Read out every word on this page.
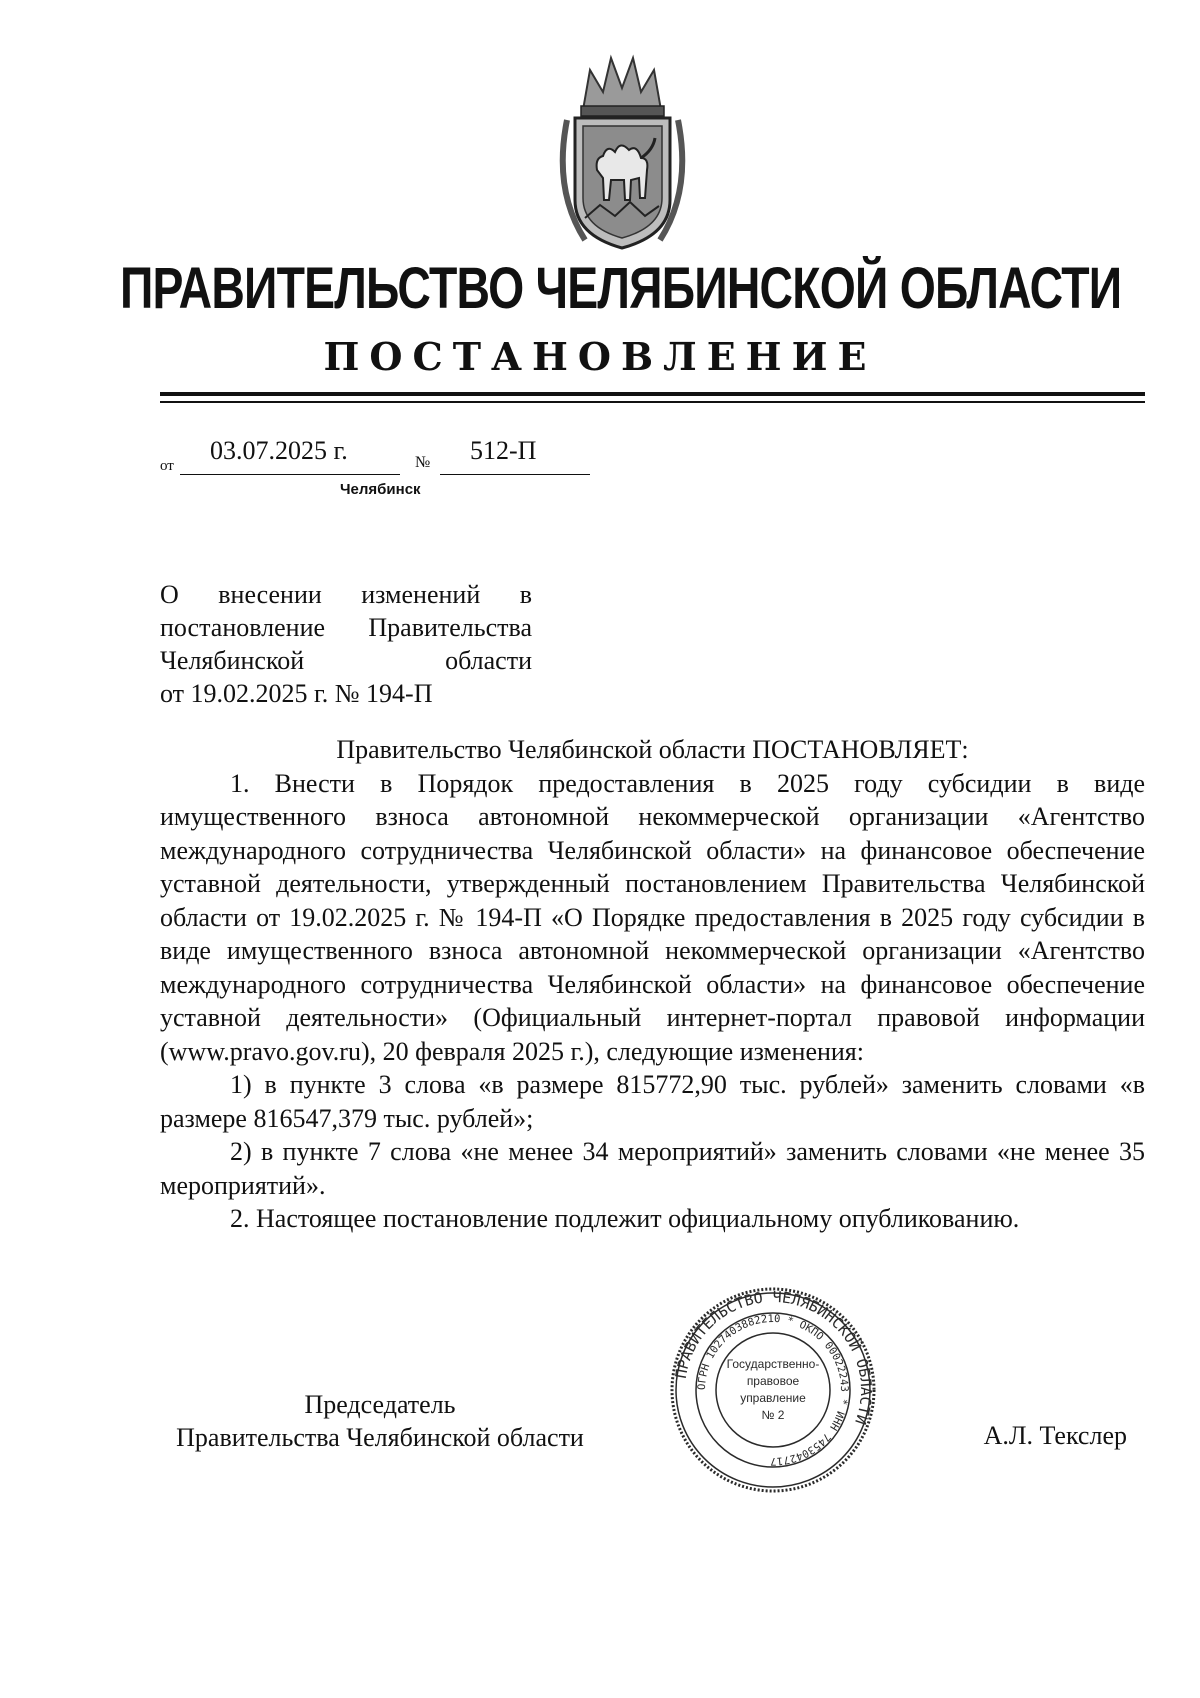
ПРАВИТЕЛЬСТВО ЧЕЛЯБИНСКОЙ ОБЛАСТИ
ПОСТАНОВЛЕНИЕ
от
03.07.2025 г.	№ 512-П
Челябинск
О внесении изменений в
постановление Правительства
Челябинской области
от 19.02.2025 г. № 194-П

Правительство Челябинской области ПОСТАНОВЛЯЕТ:

1. Внести в Порядок предоставления в 2025 году субсидии в виде имущественного взноса автономной некоммерческой организации «Агентство международного сотрудничества Челябинской области» на финансовое обеспечение уставной деятельности, утвержденный постановлением Правительства Челябинской области от 19.02.2025 г. № 194-П «О Порядке предоставления в 2025 году субсидии в виде имущественного взноса автономной некоммерческой организации «Агентство международного сотрудничества Челябинской области» на финансовое обеспечение уставной деятельности» (Официальный интернет-портал правовой информации (www.pravo.gov.ru), 20 февраля 2025 г.), следующие изменения:

1) в пункте 3 слова «в размере 815772,90 тыс. рублей» заменить словами «в размере 816547,379 тыс. рублей»;

2) в пункте 7 слова «не менее 34 мероприятий» заменить словами «не менее 35 мероприятий».

2. Настоящее постановление подлежит официальному опубликованию.

Председатель
Правительства Челябинской области	А.Л. Текслер
ПРАВИТЕЛЬСТВО ЧЕЛЯБИНСКОЙ ОБЛАСТИ
ОГРН 1027403882210 * ОКПО 00022243 * ИНН 7453042717
Государственно-
правовое
управление
№ 2
